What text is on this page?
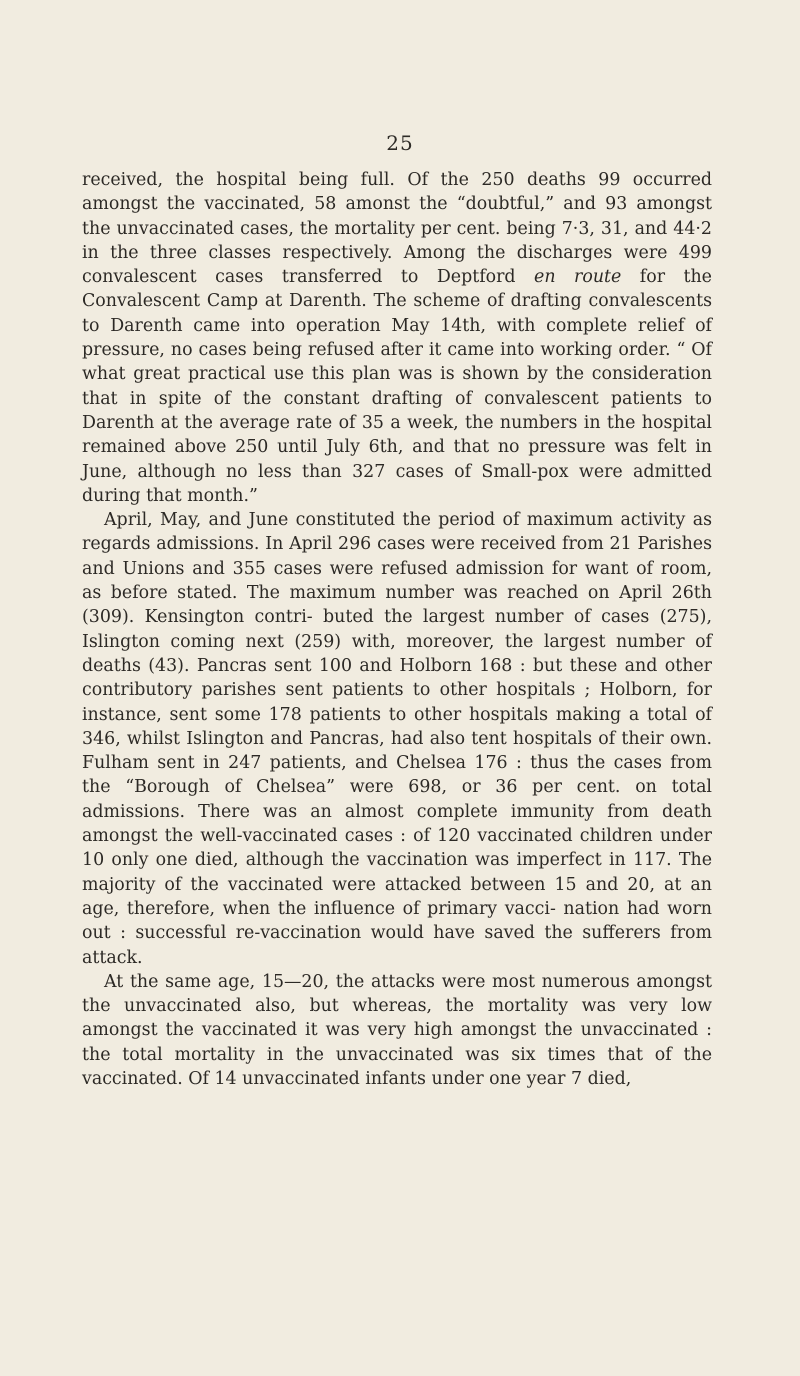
25

received, the hospital being full. Of the 250 deaths 99 occurred amongst the vaccinated, 58 amonst the “doubtful,” and 93 amongst the unvaccinated cases, the mortality per cent. being 7·3, 31, and 44·2 in the three classes respectively. Among the discharges were 499 convalescent cases transferred to Deptford en route for the Convalescent Camp at Darenth. The scheme of drafting convalescents to Darenth came into operation May 14th, with complete relief of pressure, no cases being refused after it came into working order. “ Of what great practical use this plan was is shown by the consideration that in spite of the constant drafting of convalescent patients to Darenth at the average rate of 35 a week, the numbers in the hospital remained above 250 until July 6th, and that no pressure was felt in June, although no less than 327 cases of Small-pox were admitted during that month.”

April, May, and June constituted the period of maximum activity as regards admissions. In April 296 cases were received from 21 Parishes and Unions and 355 cases were refused admission for want of room, as before stated. The maximum number was reached on April 26th (309). Kensington contri- buted the largest number of cases (275), Islington coming next (259) with, moreover, the largest number of deaths (43). Pancras sent 100 and Holborn 168 : but these and other contributory parishes sent patients to other hospitals ; Holborn, for instance, sent some 178 patients to other hospitals making a total of 346, whilst Islington and Pancras, had also tent hospitals of their own. Fulham sent in 247 patients, and Chelsea 176 : thus the cases from the “Borough of Chelsea” were 698, or 36 per cent. on total admissions. There was an almost complete immunity from death amongst the well-vaccinated cases : of 120 vaccinated children under 10 only one died, although the vaccination was imperfect in 117. The majority of the vaccinated were attacked between 15 and 20, at an age, therefore, when the influence of primary vacci- nation had worn out : successful re-vaccination would have saved the sufferers from attack.

At the same age, 15—20, the attacks were most numerous amongst the unvaccinated also, but whereas, the mortality was very low amongst the vaccinated it was very high amongst the unvaccinated : the total mortality in the unvaccinated was six times that of the vaccinated. Of 14 unvaccinated infants under one year 7 died,
